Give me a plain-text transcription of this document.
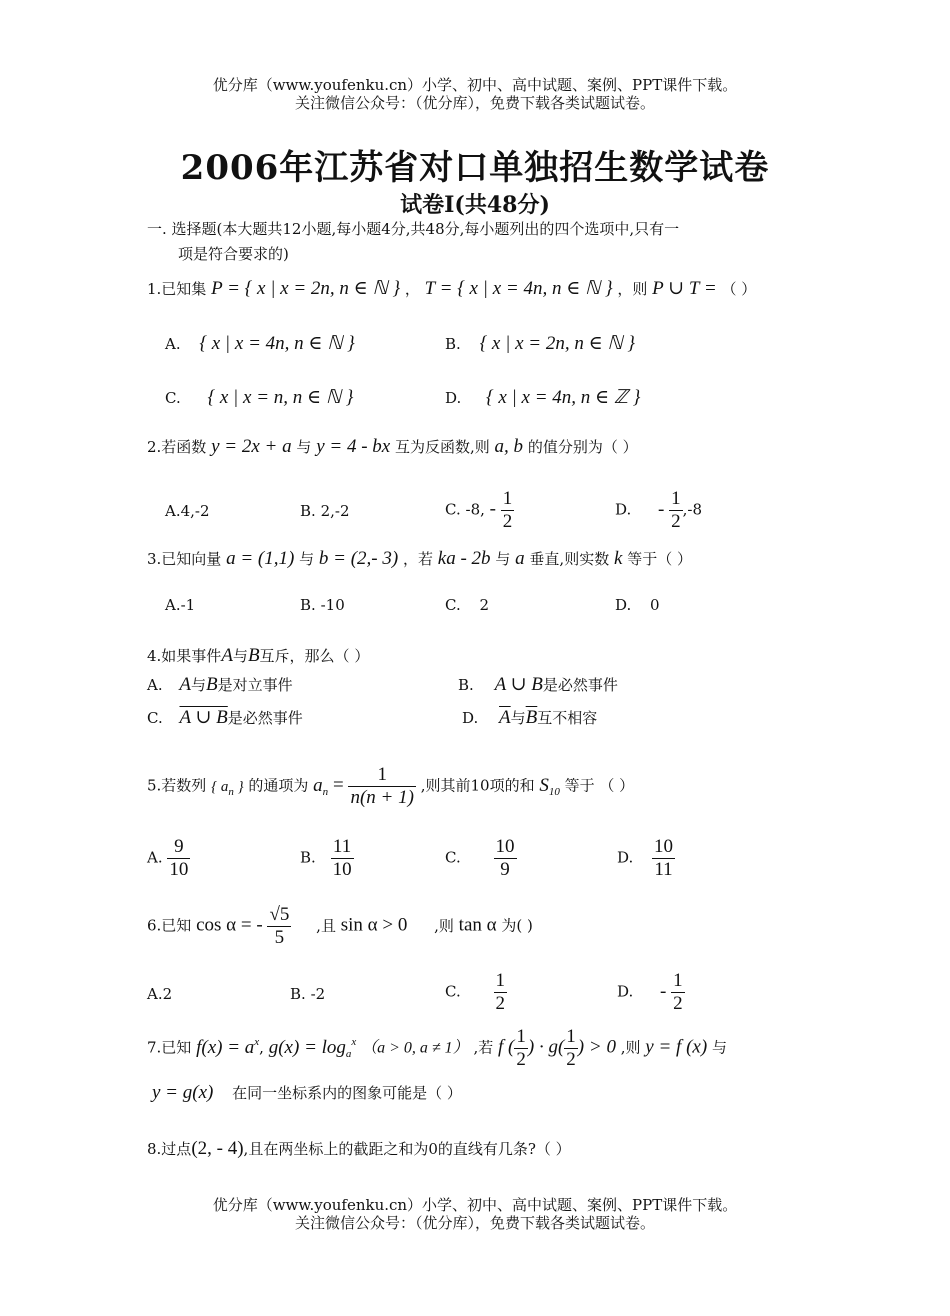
优分库（www.youfenku.cn）小学、初中、高中试题、案例、PPT课件下载。
关注微信公众号：（优分库），免费下载各类试题试卷。
2006年江苏省对口单独招生数学试卷
试卷Ⅰ(共48分)
一. 选择题(本大题共12小题,每小题4分,共48分,每小题列出的四个选项中,只有一
项是符合要求的)
1.已知集 P = { x | x = 2n, n ∈ ℕ } ， T = { x | x = 4n, n ∈ ℕ } ，则 P ∪ T = （ ）
A. { x | x = 4n, n ∈ ℕ }	B. { x | x = 2n, n ∈ ℕ }
C. { x | x = n, n ∈ ℕ }	D. { x | x = 4n, n ∈ ℤ }
2.若函数 y = 2x + a 与 y = 4 - bx 互为反函数,则 a, b 的值分别为（ ）
A.4,-2	B. 2,-2	C. -8, - $\frac{1}{2}$	D. - $\frac{1}{2} ,-8$
3.已知向量 a = (1,1) 与 b = (2,- 3) ，若 ka - 2b 与 a 垂直,则实数 k 等于（ ）
A.-1	B. -10	C. 2	D. 0
4.如果事件A与B互斥，那么（ ）
A. A与B是对立事件	B. A ∪ B是必然事件
C. A ∪ B是必然事件	D. $\overline{A}$与$\overline{B}$互不相容
5.若数列 { $a_n$ } 的通项为 $a_n = \frac{1}{n(n + 1)}$ ,则其前10项的和 $S_{10}$ 等于 （ ）
A. $\frac{9}{10}$	B. $\frac{11}{10}$	C. $\frac{10}{9}$	D. $\frac{10}{11}$
6.已知 cos α = - $\frac{√5}{5}$ ,且 sin α > 0 ,则 tan α 为( )
A.2	B. -2	C. $\frac{1}{2}$	D. - $\frac{1}{2}$
7.已知 $f(x) = a^x$, $g(x) = \log_a^x (a > 0$, a ≠ 1） ,若 f ( $\frac{1}{2}$ ) · $g( \frac{1}{2}$ ) > 0 ,则 y = f (x) 与
y = g(x) 在同一坐标系内的图象可能是（ ）
8.过点(2, - 4),且在两坐标上的截距之和为0的直线有几条?（ ）
优分库（www.youfenku.cn）小学、初中、高中试题、案例、PPT课件下载。
关注微信公众号：（优分库），免费下载各类试题试卷。
